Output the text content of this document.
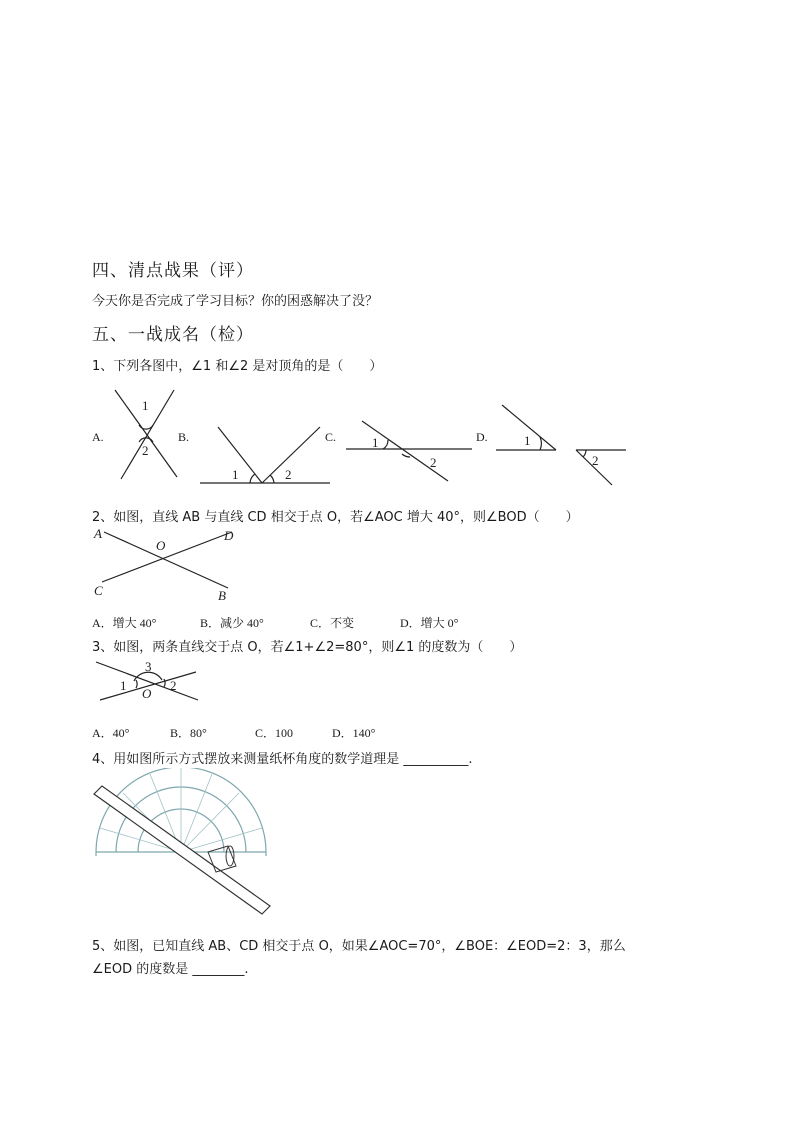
四、清点战果（评）
今天你是否完成了学习目标？你的困惑解决了没？
五、一战成名（检）
1、下列各图中，∠1 和∠2 是对顶角的是（　　）
A.	B.	C.	D.
1
2
1	2
1
2
1
2
2、如图，直线 AB 与直线 CD 相交于点 O，若∠AOC 增大 40°，则∠BOD（　　）
A	D
O
C	B
A．增大 40°	B．减少 40°	C．不变	D．增大 0°
3、如图，两条直线交于点 O，若∠1+∠2=80°，则∠1 的度数为（　　）
3
1
O
2
A．40°	B．80°	C．100	D．140°
4、用如图所示方式摆放来测量纸杯角度的数学道理是 __________.
5、如图，已知直线 AB、CD 相交于点 O，如果∠AOC=70°，∠BOE：∠EOD=2：3，那么
∠EOD 的度数是 ________.
